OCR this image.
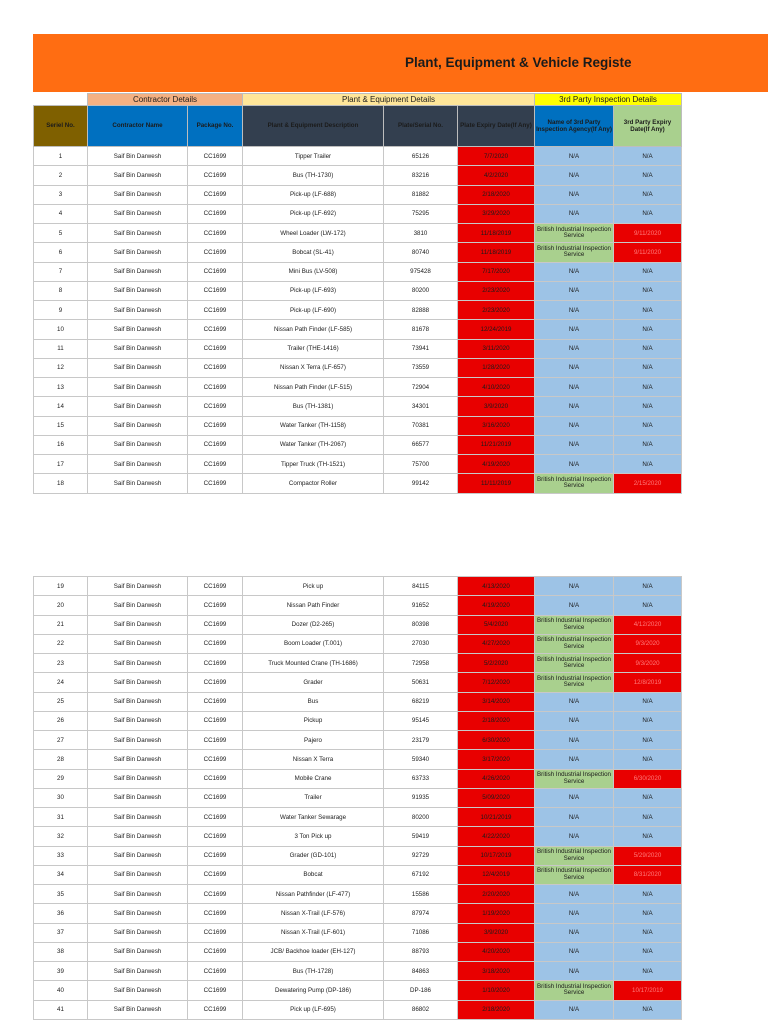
Plant, Equipment & Vehicle Registe
	Contractor Details		Plant & Equipment Details			3rd Party Inspection Details	
Seriel No.	Contractor Name	Package No.	Plant & Equipment Description	Plate/Serial No.	Plate Expiry Date(If Any)	Name of 3rd Party Inspection Agency(If Any)	3rd Party Expiry Date(If Any)
1	Saif Bin Darwesh	CC1699	Tipper Trailer	65126	7/7/2020	N/A	N/A
2	Saif Bin Darwesh	CC1699	Bus (TH-1730)	83216	4/2/2020	N/A	N/A
3	Saif Bin Darwesh	CC1699	Pick-up (LF-688)	81882	2/18/2020	N/A	N/A
4	Saif Bin Darwesh	CC1699	Pick-up (LF-692)	75295	3/29/2020	N/A	N/A
5	Saif Bin Darwesh	CC1699	Wheel Loader (LW-172)	3810	11/18/2019	British Industrial Inspection Service	9/11/2020
6	Saif Bin Darwesh	CC1699	Bobcat (SL-41)	80740	11/18/2019	British Industrial Inspection Service	9/11/2020
7	Saif Bin Darwesh	CC1699	Mini Bus (LV-508)	975428	7/17/2020	N/A	N/A
8	Saif Bin Darwesh	CC1699	Pick-up (LF-693)	80200	2/23/2020	N/A	N/A
9	Saif Bin Darwesh	CC1699	Pick-up (LF-690)	82888	2/23/2020	N/A	N/A
10	Saif Bin Darwesh	CC1699	Nissan Path Finder (LF-585)	81678	12/24/2019	N/A	N/A
11	Saif Bin Darwesh	CC1699	Trailer (THE-1416)	73941	3/11/2020	N/A	N/A
12	Saif Bin Darwesh	CC1699	Nissan X Terra (LF-657)	73559	1/28/2020	N/A	N/A
13	Saif Bin Darwesh	CC1699	Nissan Path Finder (LF-515)	72904	4/10/2020	N/A	N/A
14	Saif Bin Darwesh	CC1699	Bus (TH-1381)	34301	3/9/2020	N/A	N/A
15	Saif Bin Darwesh	CC1699	Water Tanker (TH-1158)	70381	3/16/2020	N/A	N/A
16	Saif Bin Darwesh	CC1699	Water Tanker (TH-2067)	66577	11/21/2019	N/A	N/A
17	Saif Bin Darwesh	CC1699	Tipper Truck (TH-1521)	75700	4/19/2020	N/A	N/A
18	Saif Bin Darwesh	CC1699	Compactor Roller	99142	11/11/2019	British Industrial Inspection Service	2/15/2020
19	Saif Bin Darwesh	CC1699	Pick up	84115	4/13/2020	N/A	N/A
20	Saif Bin Darwesh	CC1699	Nissan Path Finder	91652	4/19/2020	N/A	N/A
21	Saif Bin Darwesh	CC1699	Dozer (D2-265)	80398	5/4/2020	British Industrial Inspection Service	4/12/2020
22	Saif Bin Darwesh	CC1699	Boom Loader (T.001)	27030	4/27/2020	British Industrial Inspection Service	9/3/2020
23	Saif Bin Darwesh	CC1699	Truck Mounted Crane (TH-1686)	72958	5/2/2020	British Industrial Inspection Service	9/3/2020
24	Saif Bin Darwesh	CC1699	Grader	50631	7/12/2020	British Industrial Inspection Service	12/8/2019
25	Saif Bin Darwesh	CC1699	Bus	68219	3/14/2020	N/A	N/A
26	Saif Bin Darwesh	CC1699	Pickup	95145	2/18/2020	N/A	N/A
27	Saif Bin Darwesh	CC1699	Pajero	23179	6/30/2020	N/A	N/A
28	Saif Bin Darwesh	CC1699	Nissan X Terra	59340	3/17/2020	N/A	N/A
29	Saif Bin Darwesh	CC1699	Mobile Crane	63733	4/26/2020	British Industrial Inspection Service	6/30/2020
30	Saif Bin Darwesh	CC1699	Trailer	91935	5/09/2020	N/A	N/A
31	Saif Bin Darwesh	CC1699	Water Tanker Sewarage	80200	10/21/2019	N/A	N/A
32	Saif Bin Darwesh	CC1699	3 Ton Pick up	59419	4/22/2020	N/A	N/A
33	Saif Bin Darwesh	CC1699	Grader (GD-101)	92729	10/17/2019	British Industrial Inspection Service	5/29/2020
34	Saif Bin Darwesh	CC1699	Bobcat	67192	12/4/2019	British Industrial Inspection Service	8/31/2020
35	Saif Bin Darwesh	CC1699	Nissan Pathfinder (LF-477)	15586	2/20/2020	N/A	N/A
36	Saif Bin Darwesh	CC1699	Nissan X-Trail (LF-576)	87974	1/19/2020	N/A	N/A
37	Saif Bin Darwesh	CC1699	Nissan X-Trail (LF-601)	71086	3/9/2020	N/A	N/A
38	Saif Bin Darwesh	CC1699	JCB/ Backhoe loader (EH-127)	88793	4/20/2020	N/A	N/A
39	Saif Bin Darwesh	CC1699	Bus (TH-1728)	84863	3/18/2020	N/A	N/A
40	Saif Bin Darwesh	CC1699	Dewatering Pump (DP-186)	DP-186	1/10/2020	British Industrial Inspection Service	10/17/2019
41	Saif Bin Darwesh	CC1699	Pick up (LF-695)	86802	2/18/2020	N/A	N/A
